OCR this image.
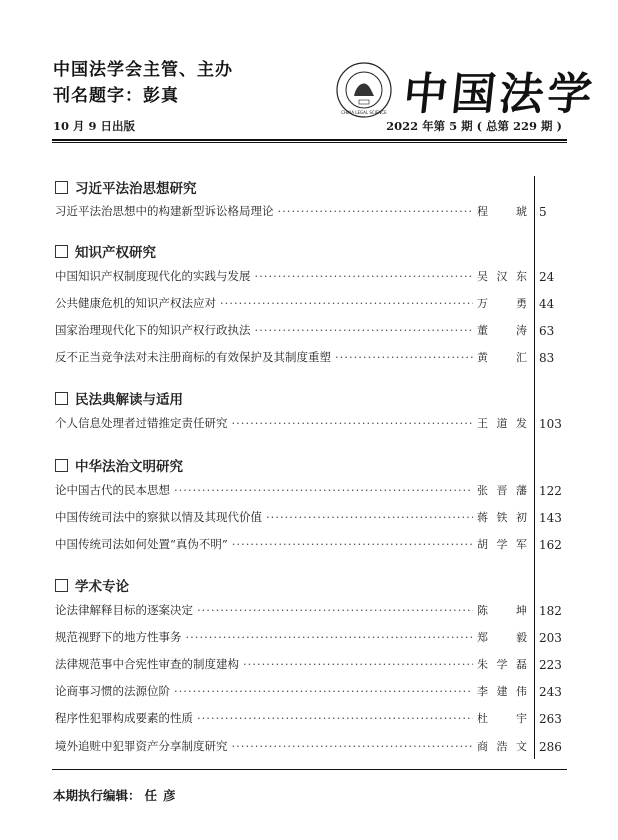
中国法学会主管、主办
刊名题字：彭真
CHINA LEGAL SCIENCE 中国法学
10 月 9 日出版	2022 年第 5 期 ( 总第 229 期 )
习近平法治思想研究
习近平法治思想中的构建新型诉讼格局理论 ·····	程琥 5
知识产权研究
中国知识产权制度现代化的实践与发展 ·····	吴汉东 24
公共健康危机的知识产权法应对 ·····	万勇 44
国家治理现代化下的知识产权行政执法 ·····	董涛 63
反不正当竞争法对未注册商标的有效保护及其制度重塑 ·····	黄汇 83
民法典解读与适用
个人信息处理者过错推定责任研究 ·····	王道发 103
中华法治文明研究
论中国古代的民本思想 ·····	张晋藩 122
中国传统司法中的察狱以情及其现代价值 ·····	蒋铁初 143
中国传统司法如何处置“真伪不明” ·····	胡学军 162
学术专论
论法律解释目标的逐案决定 ·····	陈坤 182
规范视野下的地方性事务 ·····	郑毅 203
法律规范事中合宪性审查的制度建构 ·····	朱学磊 223
论商事习惯的法源位阶 ·····	李建伟 243
程序性犯罪构成要素的性质 ·····	杜宇 263
境外追赃中犯罪资产分享制度研究 ·····	商浩文 286
本期执行编辑： 任彦
